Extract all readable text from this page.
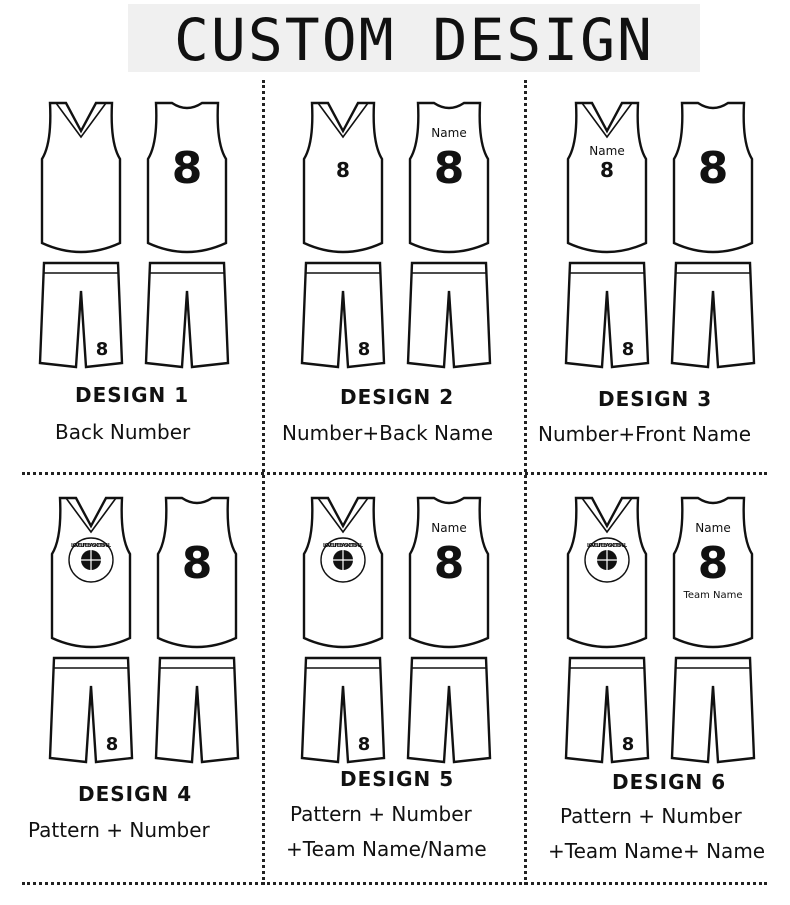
CUSTOM DESIGN
8
8
DESIGN 1
Back Number
8
8
8
Name
DESIGN 2
Number+Back Name
8
8
8
Name
DESIGN 3
Number+Front Name
8
8
LOVE LIFE BASKETBALL
DESIGN 4
Pattern + Number
8
8
Name
LOVE LIFE BASKETBALL
DESIGN 5
Pattern + Number
+Team Name/Name
8
8
Name
Team Name
LOVE LIFE BASKETBALL
DESIGN 6
Pattern + Number
+Team Name+ Name
